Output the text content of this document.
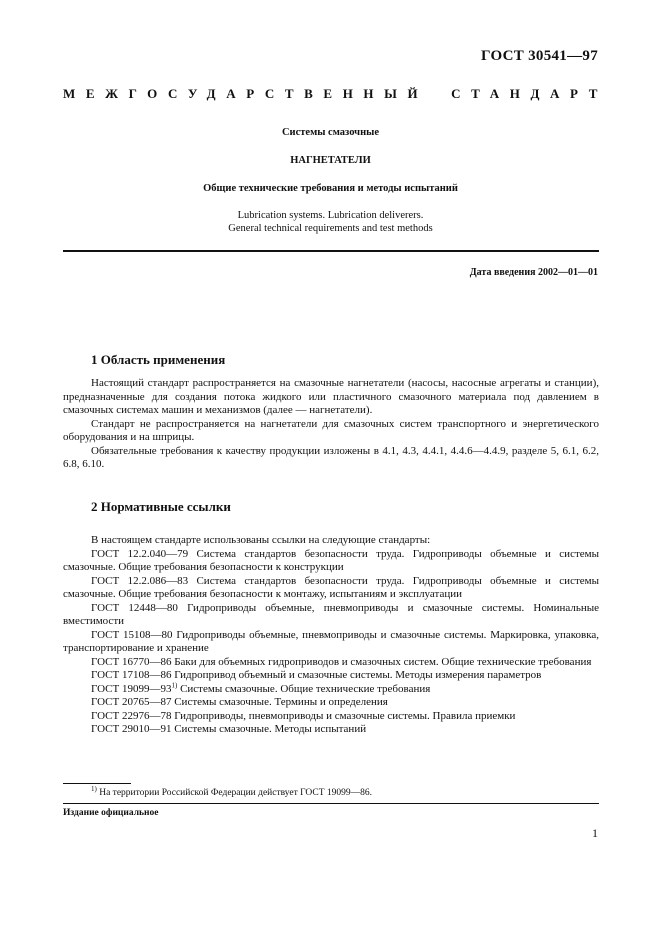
ГОСТ 30541—97
МЕЖГОСУДАРСТВЕННЫЙ СТАНДАРТ
Системы смазочные
НАГНЕТАТЕЛИ
Общие технические требования и методы испытаний
Lubrication systems. Lubrication deliverers.
General technical requirements and test methods
Дата введения 2002—01—01
1 Область применения

Настоящий стандарт распространяется на смазочные нагнетатели (насосы, насосные агрегаты и станции), предназначенные для создания потока жидкого или пластичного смазочного материала под давлением в смазочных системах машин и механизмов (далее — нагнетатели).

Стандарт не распространяется на нагнетатели для смазочных систем транспортного и энергетического оборудования и на шприцы.

Обязательные требования к качеству продукции изложены в 4.1, 4.3, 4.4.1, 4.4.6—4.4.9, разделе 5, 6.1, 6.2, 6.8, 6.10.

2 Нормативные ссылки

В настоящем стандарте использованы ссылки на следующие стандарты:

ГОСТ 12.2.040—79 Система стандартов безопасности труда. Гидроприводы объемные и системы смазочные. Общие требования безопасности к конструкции

ГОСТ 12.2.086—83 Система стандартов безопасности труда. Гидроприводы объемные и системы смазочные. Общие требования безопасности к монтажу, испытаниям и эксплуатации

ГОСТ 12448—80 Гидроприводы объемные, пневмоприводы и смазочные системы. Номинальные вместимости

ГОСТ 15108—80 Гидроприводы объемные, пневмоприводы и смазочные системы. Маркировка, упаковка, транспортирование и хранение

ГОСТ 16770—86 Баки для объемных гидроприводов и смазочных систем. Общие технические требования

ГОСТ 17108—86 Гидропривод объемный и смазочные системы. Методы измерения параметров

ГОСТ 19099—93$^{1)}$ Системы смазочные. Общие технические требования

ГОСТ 20765—87 Системы смазочные. Термины и определения

ГОСТ 22976—78 Гидроприводы, пневмоприводы и смазочные системы. Правила приемки

ГОСТ 29010—91 Системы смазочные. Методы испытаний

$^{1)}$ На территории Российской Федерации действует ГОСТ 19099—86.
Издание официальное
1
